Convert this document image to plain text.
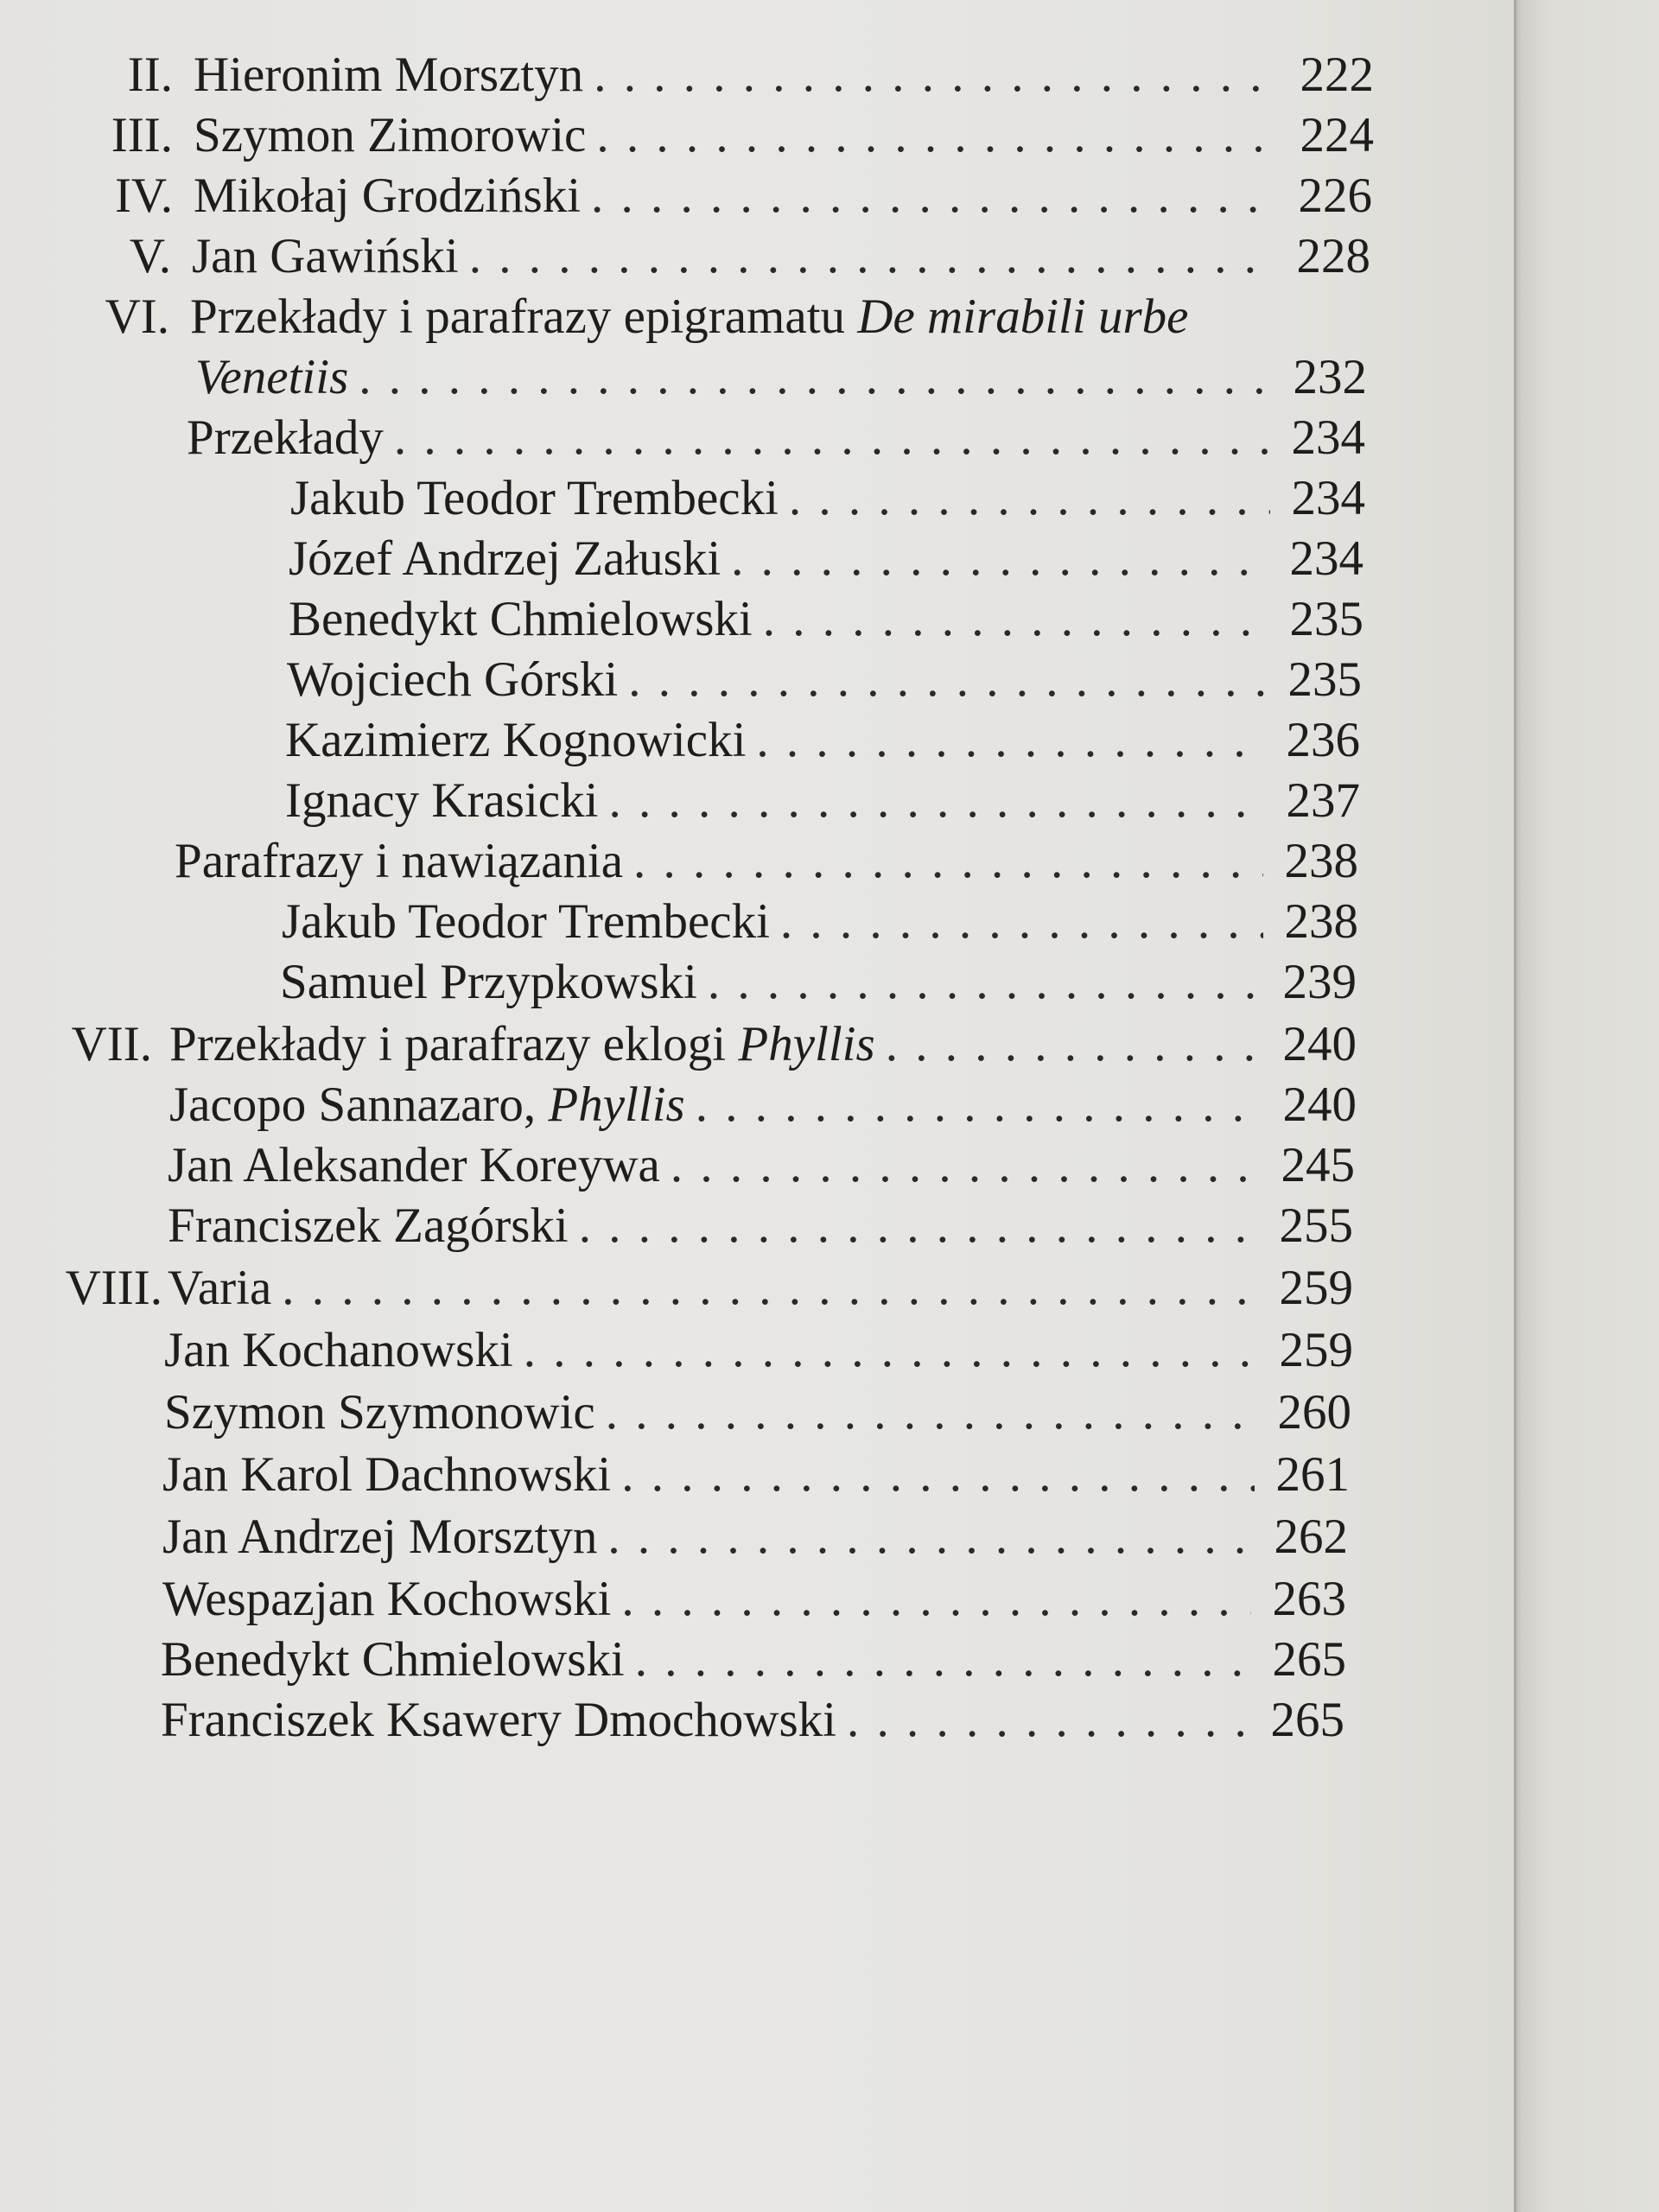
II. Hieronim Morsztyn . . .	222
III. Szymon Zimorowic . . .	224
IV. Mikołaj Grodziński . . .	226
V. Jan Gawiński . . .	228
VI. Przekłady i parafrazy epigramatu De mirabili urbe
Venetiis . . .	232
Przekłady . . .	234
Jakub Teodor Trembecki . . .	234
Józef Andrzej Załuski . . .	234
Benedykt Chmielowski . . .	235
Wojciech Górski . . .	235
Kazimierz Kognowicki . . .	236
Ignacy Krasicki . . .	237
Parafrazy i nawiązania . . .	238
Jakub Teodor Trembecki . . .	238
Samuel Przypkowski . . .	239
VII. Przekłady i parafrazy eklogi Phyllis . . .	240
Jacopo Sannazaro, Phyllis . . .	240
Jan Aleksander Koreywa . . .	245
Franciszek Zagórski . . .	255
VIII. Varia . . .	259
Jan Kochanowski . . .	259
Szymon Szymonowic . . .	260
Jan Karol Dachnowski . . .	261
Jan Andrzej Morsztyn . . .	262
Wespazjan Kochowski . . .	263
Benedykt Chmielowski . . .	265
Franciszek Ksawery Dmochowski . . .	265
